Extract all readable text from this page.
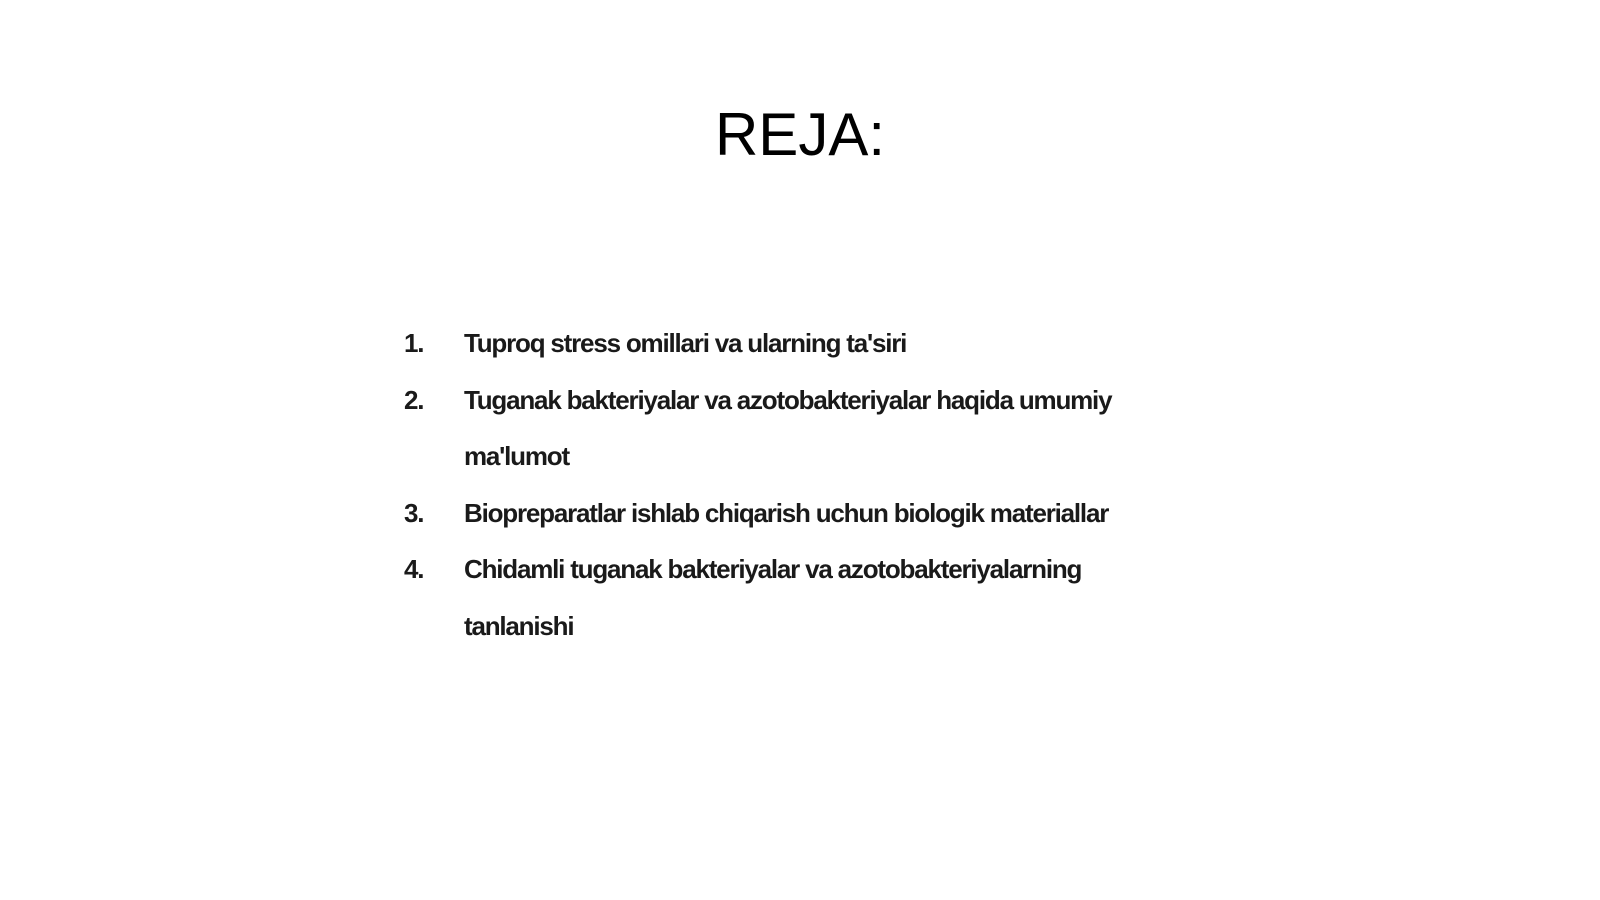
REJA:
1.	Tuproq stress omillari va ularning ta'siri
2.	Tuganak bakteriyalar va azotobakteriyalar haqida umumiy ma'lumot
3.	Biopreparatlar ishlab chiqarish uchun biologik materiallar
4.	Chidamli tuganak bakteriyalar va azotobakteriyalarning tanlanishi
